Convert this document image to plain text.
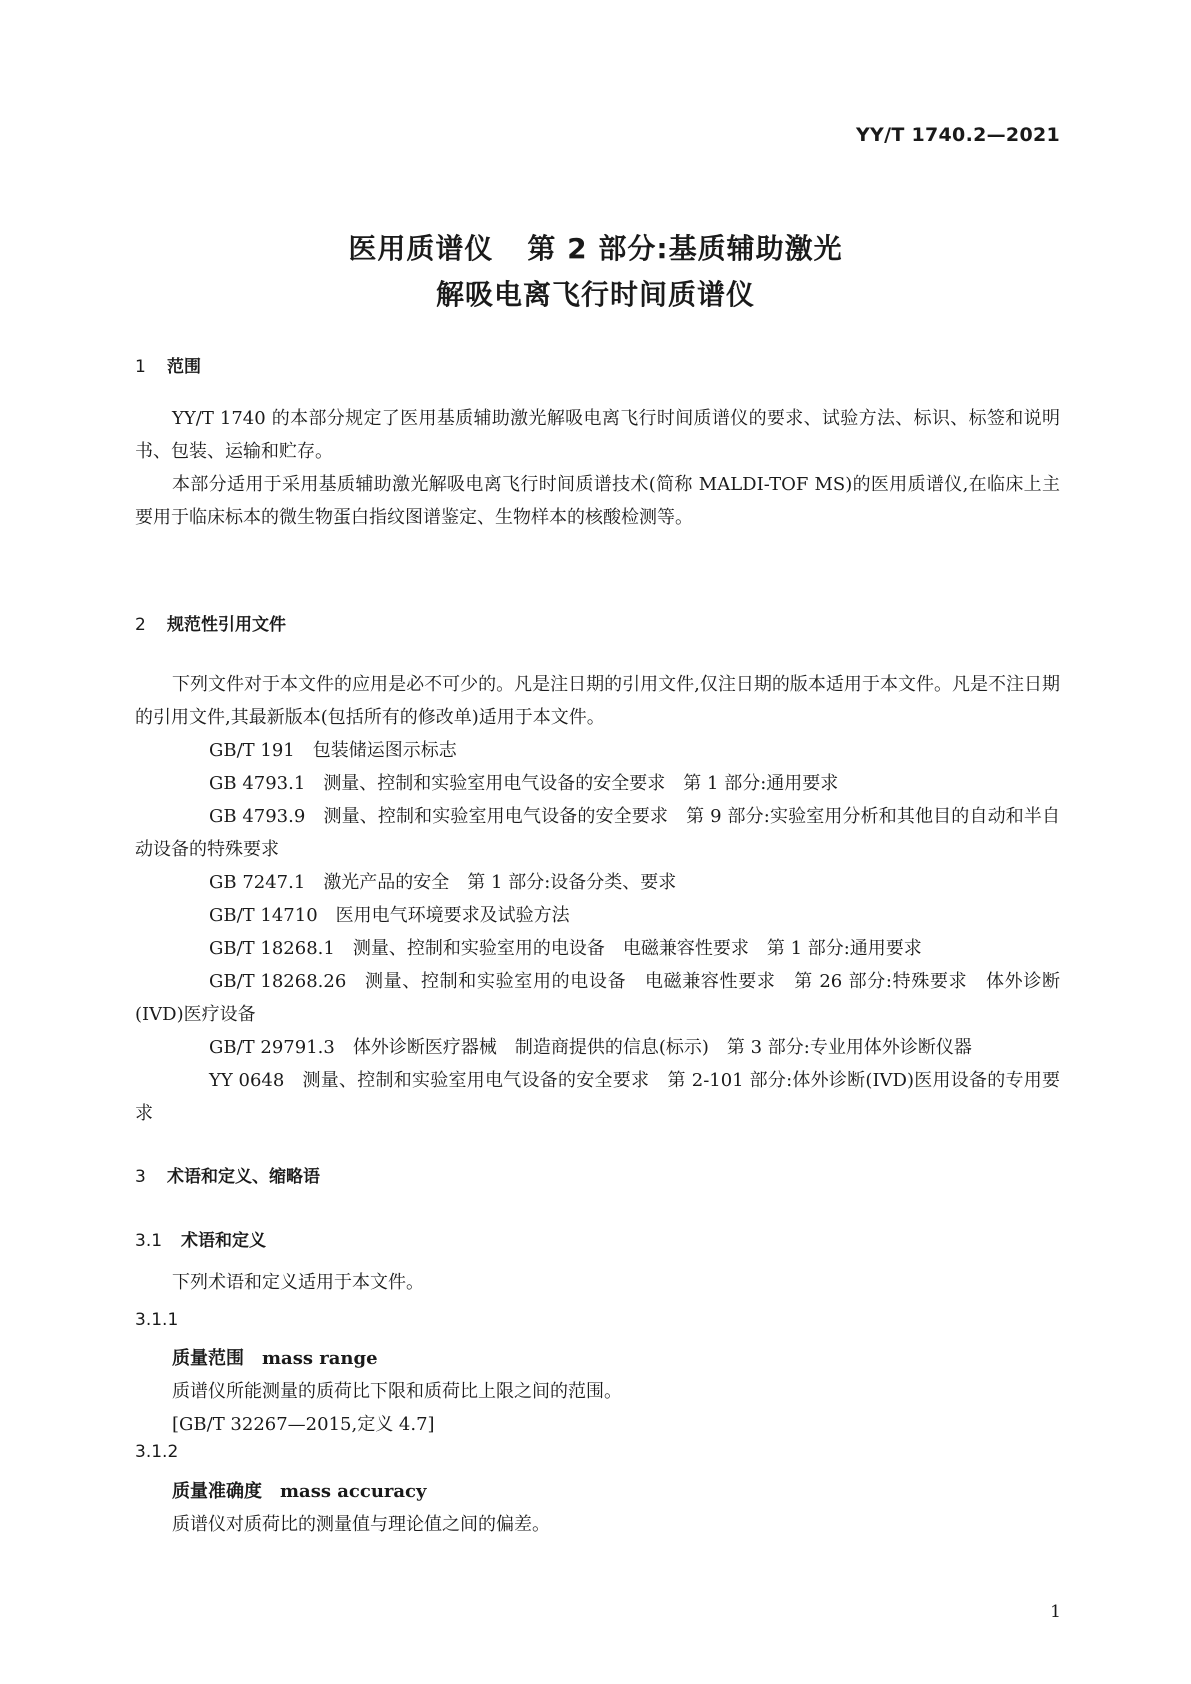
YY/T 1740.2—2021
医用质谱仪 第 2 部分:基质辅助激光
解吸电离飞行时间质谱仪
1 范围

YY/T 1740 的本部分规定了医用基质辅助激光解吸电离飞行时间质谱仪的要求、试验方法、标识、标签和说明书、包装、运输和贮存。

本部分适用于采用基质辅助激光解吸电离飞行时间质谱技术(简称 MALDI-TOF MS)的医用质谱仪,在临床上主要用于临床标本的微生物蛋白指纹图谱鉴定、生物样本的核酸检测等。

2 规范性引用文件

下列文件对于本文件的应用是必不可少的。凡是注日期的引用文件,仅注日期的版本适用于本文件。凡是不注日期的引用文件,其最新版本(包括所有的修改单)适用于本文件。

GB/T 191 包装储运图示标志

GB 4793.1 测量、控制和实验室用电气设备的安全要求　第 1 部分:通用要求

GB 4793.9 测量、控制和实验室用电气设备的安全要求　第 9 部分:实验室用分析和其他目的自动和半自动设备的特殊要求

GB 7247.1 激光产品的安全　第 1 部分:设备分类、要求

GB/T 14710 医用电气环境要求及试验方法

GB/T 18268.1 测量、控制和实验室用的电设备　电磁兼容性要求　第 1 部分:通用要求

GB/T 18268.26 测量、控制和实验室用的电设备　电磁兼容性要求　第 26 部分:特殊要求　体外诊断(IVD)医疗设备

GB/T 29791.3 体外诊断医疗器械　制造商提供的信息(标示)　第 3 部分:专业用体外诊断仪器

YY 0648 测量、控制和实验室用电气设备的安全要求　第 2-101 部分:体外诊断(IVD)医用设备的专用要求

3 术语和定义、缩略语
3.1 术语和定义

下列术语和定义适用于本文件。

3.1.1
质量范围 mass range

质谱仪所能测量的质荷比下限和质荷比上限之间的范围。

[GB/T 32267—2015,定义 4.7]

3.1.2
质量准确度 mass accuracy

质谱仪对质荷比的测量值与理论值之间的偏差。

1
